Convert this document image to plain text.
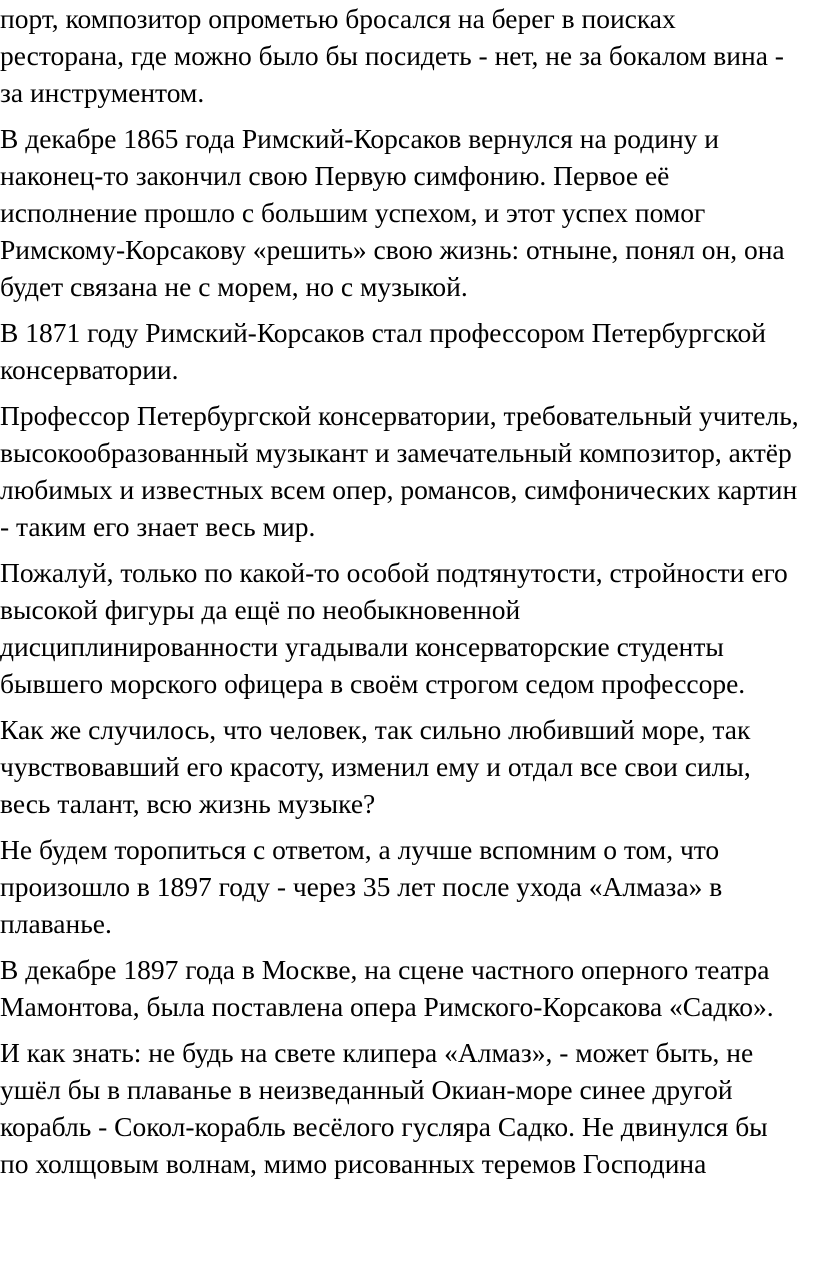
порт, композитор опрометью бросался на берег в поисках
ресторана, где можно было бы посидеть - нет, не за бокалом вина -
за инструментом.

В декабре 1865 года Римский-Корсаков вернулся на родину и
наконец-то закончил свою Первую симфонию. Первое её
исполнение прошло с большим успехом, и этот успех помог
Римскому-Корсакову «решить» свою жизнь: отныне, понял он, она
будет связана не с морем, но с музыкой.

В 1871 году Римский-Корсаков стал профессором Петербургской
консерватории.

Профессор Петербургской консерватории, требовательный учитель,
высокообразованный музыкант и замечательный композитор, актёр
любимых и известных всем опер, романсов, симфонических картин
- таким его знает весь мир.

Пожалуй, только по какой-то особой подтянутости, стройности его
высокой фигуры да ещё по необыкновенной
дисциплинированности угадывали консерваторские студенты
бывшего морского офицера в своём строгом седом профессоре.

Как же случилось, что человек, так сильно любивший море, так
чувствовавший его красоту, изменил ему и отдал все свои силы,
весь талант, всю жизнь музыке?

Не будем торопиться с ответом, а лучше вспомним о том, что
произошло в 1897 году - через 35 лет после ухода «Алмаза» в
плаванье.

В декабре 1897 года в Москве, на сцене частного оперного театра
Мамонтова, была поставлена опера Римского-Корсакова «Садко».

И как знать: не будь на свете клипера «Алмаз», - может быть, не
ушёл бы в плаванье в неизведанный Окиан-море синее другой
корабль - Сокол-корабль весёлого гусляра Садко. Не двинулся бы
по холщовым волнам, мимо рисованных теремов Господина
